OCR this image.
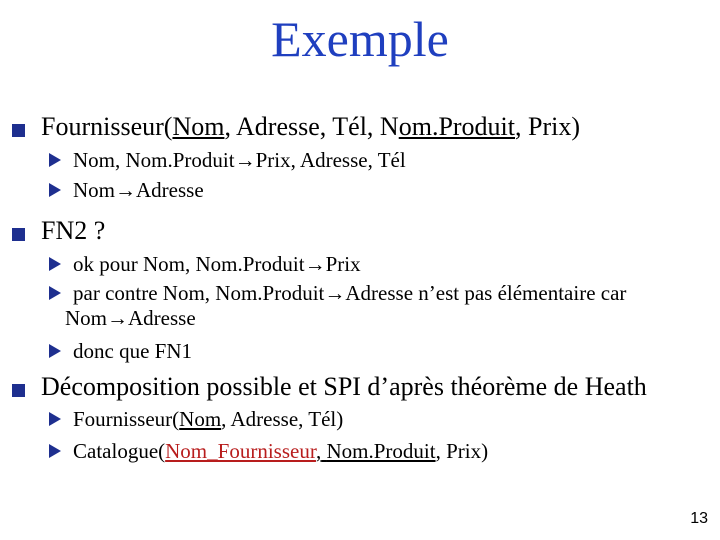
Exemple
Fournisseur(Nom, Adresse, Tél, Nom.Produit, Prix)
Nom, Nom.Produit→Prix, Adresse, Tél
Nom→Adresse
FN2 ?
ok pour Nom, Nom.Produit→Prix
par contre Nom, Nom.Produit→Adresse n’est pas élémentaire car
Nom→Adresse
donc que FN1
Décomposition possible et SPI d’après théorème de Heath
Fournisseur(Nom, Adresse, Tél)
Catalogue(Nom_Fournisseur, Nom.Produit, Prix)
13
